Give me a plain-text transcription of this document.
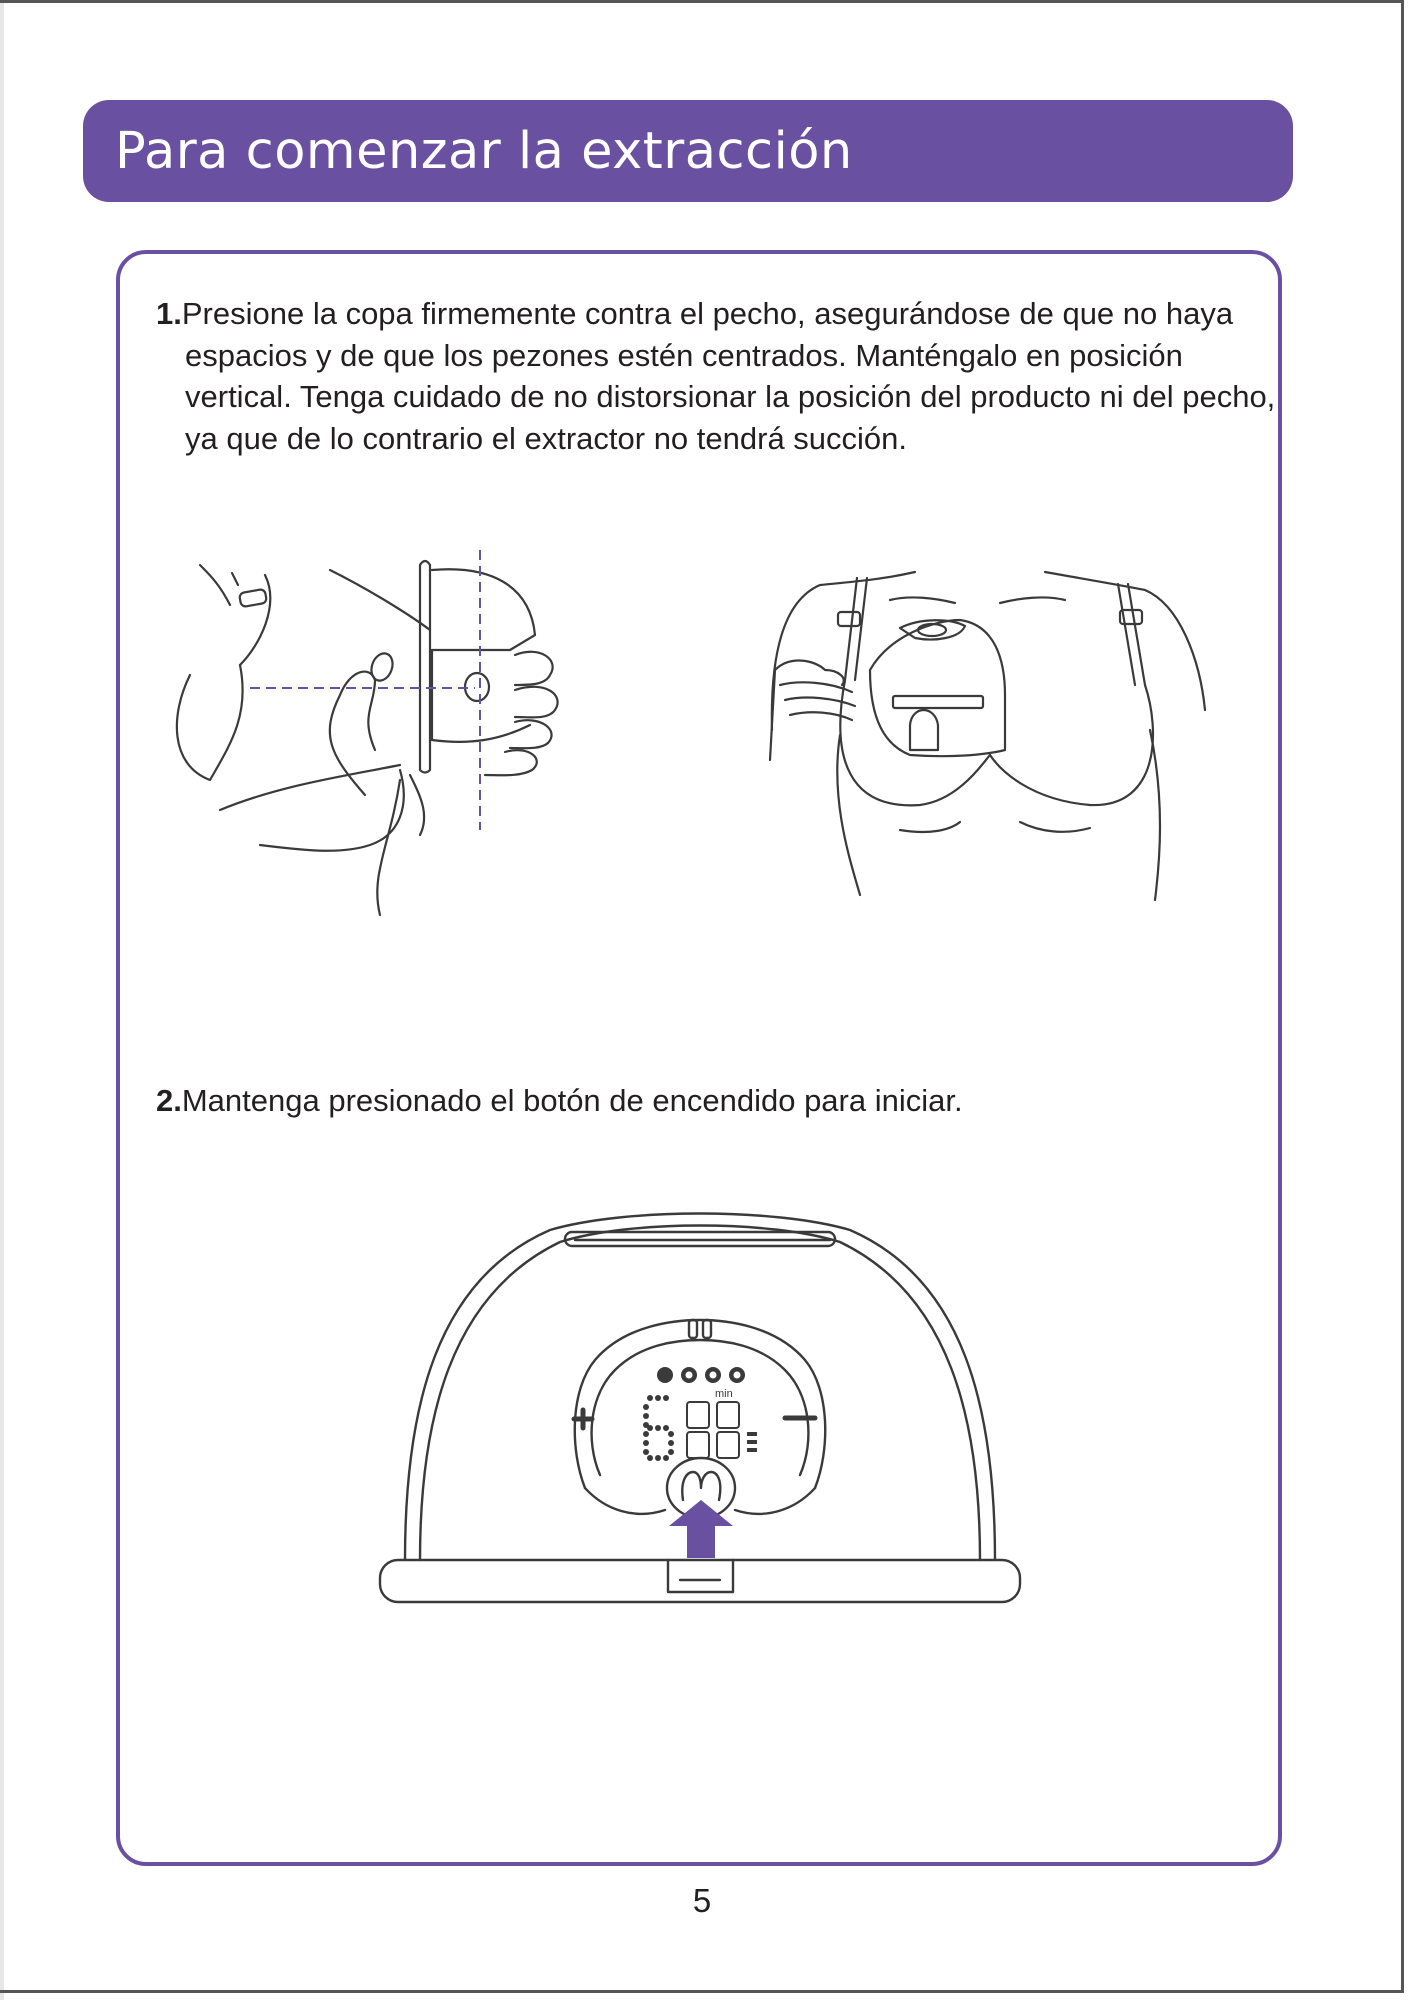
Para comenzar la extracción
1.Presione la copa firmemente contra el pecho, asegurándose de que no haya espacios y de que los pezones estén centrados. Manténgalo en posición vertical. Tenga cuidado de no distorsionar la posición del producto ni del pecho, ya que de lo contrario el extractor no tendrá succión.
2.Mantenga presionado el botón de encendido para iniciar.
min
5
